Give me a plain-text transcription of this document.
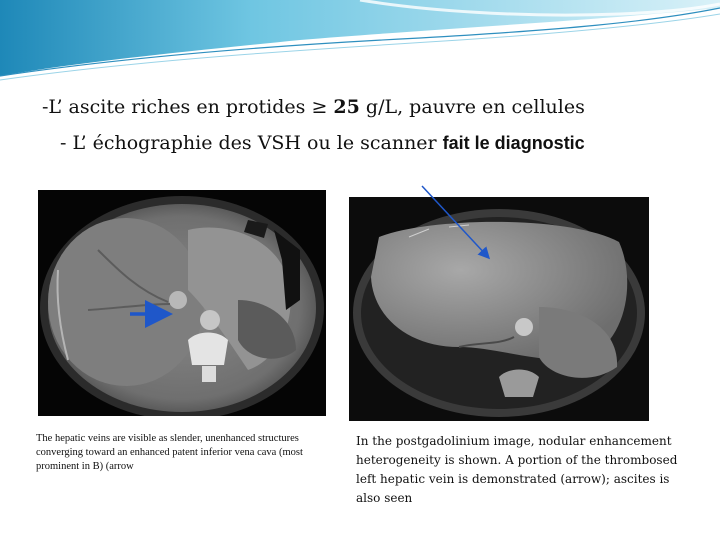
-L’ ascite riches en protides ≥ 25 g/L, pauvre en cellules
- L’ échographie des VSH ou le scanner fait le diagnostic
The hepatic veins are visible as slender, unenhanced structures converging toward an enhanced patent inferior vena cava (most prominent in B) (arrow
In the postgadolinium image, nodular enhancement heterogeneity is shown. A portion of the thrombosed left hepatic vein is demonstrated (arrow); ascites is also seen
